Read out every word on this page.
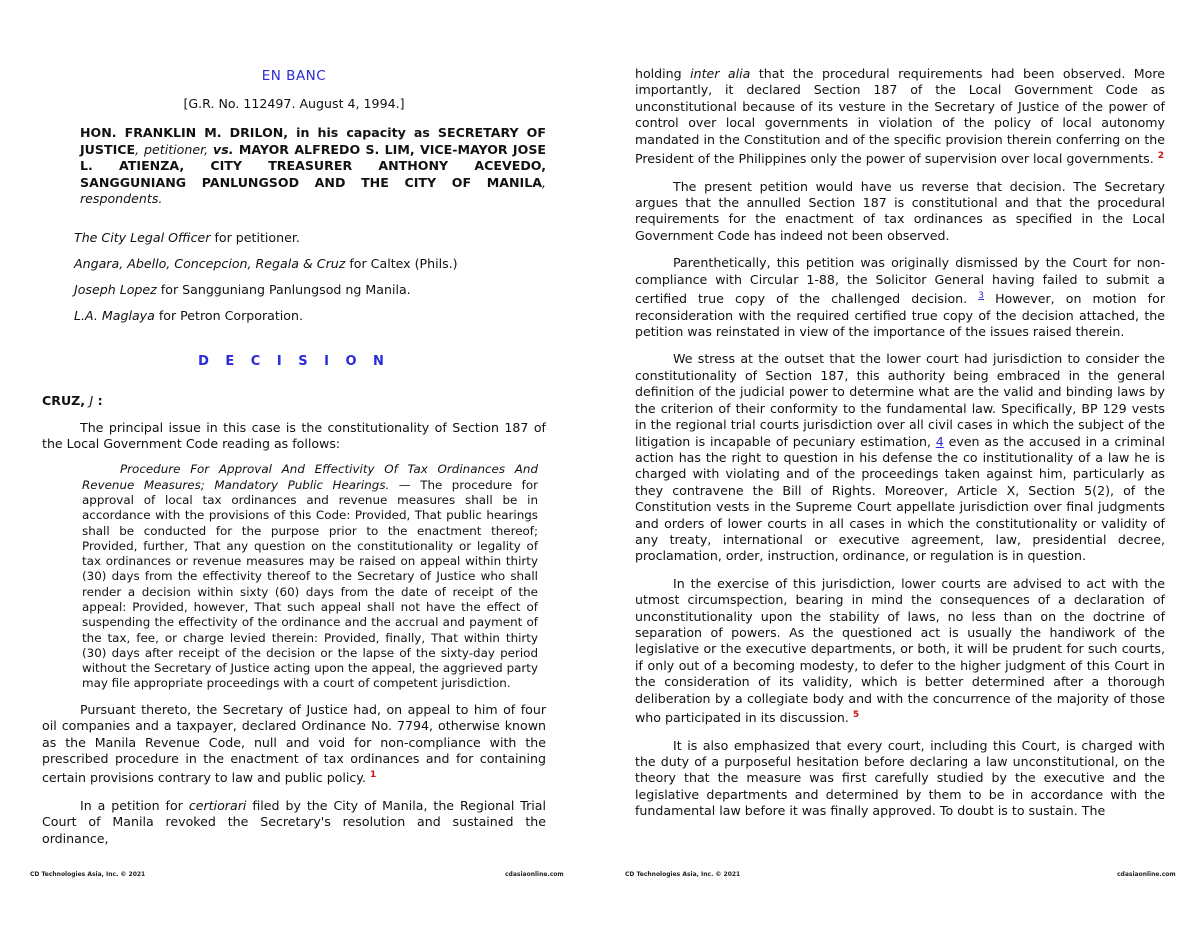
EN BANC

[G.R. No. 112497. August 4, 1994.]

HON. FRANKLIN M. DRILON, in his capacity as SECRETARY OF JUSTICE, petitioner, vs. MAYOR ALFREDO S. LIM, VICE-MAYOR JOSE L. ATIENZA, CITY TREASURER ANTHONY ACEVEDO, SANGGUNIANG PANLUNGSOD AND THE CITY OF MANILA, respondents.

The City Legal Officer for petitioner.

Angara, Abello, Concepcion, Regala & Cruz for Caltex (Phils.)

Joseph Lopez for Sangguniang Panlungsod ng Manila.

L.A. Maglaya for Petron Corporation.

D E C I S I O N

CRUZ, J :

The principal issue in this case is the constitutionality of Section 187 of the Local Government Code reading as follows:

Procedure For Approval And Effectivity Of Tax Ordinances And Revenue Measures; Mandatory Public Hearings. — The procedure for approval of local tax ordinances and revenue measures shall be in accordance with the provisions of this Code: Provided, That public hearings shall be conducted for the purpose prior to the enactment thereof; Provided, further, That any question on the constitutionality or legality of tax ordinances or revenue measures may be raised on appeal within thirty (30) days from the effectivity thereof to the Secretary of Justice who shall render a decision within sixty (60) days from the date of receipt of the appeal: Provided, however, That such appeal shall not have the effect of suspending the effectivity of the ordinance and the accrual and payment of the tax, fee, or charge levied therein: Provided, finally, That within thirty (30) days after receipt of the decision or the lapse of the sixty-day period without the Secretary of Justice acting upon the appeal, the aggrieved party may file appropriate proceedings with a court of competent jurisdiction.

Pursuant thereto, the Secretary of Justice had, on appeal to him of four oil companies and a taxpayer, declared Ordinance No. 7794, otherwise known as the Manila Revenue Code, null and void for non-compliance with the prescribed procedure in the enactment of tax ordinances and for containing certain provisions contrary to law and public policy. $^1$

In a petition for certiorari filed by the City of Manila, the Regional Trial Court of Manila revoked the Secretary's resolution and sustained the ordinance,

CD Technologies Asia, Inc. © 2021	cdasiaonline.com

holding inter alia that the procedural requirements had been observed. More importantly, it declared Section 187 of the Local Government Code as unconstitutional because of its vesture in the Secretary of Justice of the power of control over local governments in violation of the policy of local autonomy mandated in the Constitution and of the specific provision therein conferring on the President of the Philippines only the power of supervision over local governments. $^2$

The present petition would have us reverse that decision. The Secretary argues that the annulled Section 187 is constitutional and that the procedural requirements for the enactment of tax ordinances as specified in the Local Government Code has indeed not been observed.

Parenthetically, this petition was originally dismissed by the Court for non-compliance with Circular 1-88, the Solicitor General having failed to submit a certified true copy of the challenged decision. $^3$ However, on motion for reconsideration with the required certified true copy of the decision attached, the petition was reinstated in view of the importance of the issues raised therein.

We stress at the outset that the lower court had jurisdiction to consider the constitutionality of Section 187, this authority being embraced in the general definition of the judicial power to determine what are the valid and binding laws by the criterion of their conformity to the fundamental law. Specifically, BP 129 vests in the regional trial courts jurisdiction over all civil cases in which the subject of the litigation is incapable of pecuniary estimation, 4 even as the accused in a criminal action has the right to question in his defense the co institutionality of a law he is charged with violating and of the proceedings taken against him, particularly as they contravene the Bill of Rights. Moreover, Article X, Section 5(2), of the Constitution vests in the Supreme Court appellate jurisdiction over final judgments and orders of lower courts in all cases in which the constitutionality or validity of any treaty, international or executive agreement, law, presidential decree, proclamation, order, instruction, ordinance, or regulation is in question.

In the exercise of this jurisdiction, lower courts are advised to act with the utmost circumspection, bearing in mind the consequences of a declaration of unconstitutionality upon the stability of laws, no less than on the doctrine of separation of powers. As the questioned act is usually the handiwork of the legislative or the executive departments, or both, it will be prudent for such courts, if only out of a becoming modesty, to defer to the higher judgment of this Court in the consideration of its validity, which is better determined after a thorough deliberation by a collegiate body and with the concurrence of the majority of those who participated in its discussion. $^5$

It is also emphasized that every court, including this Court, is charged with the duty of a purposeful hesitation before declaring a law unconstitutional, on the theory that the measure was first carefully studied by the executive and the legislative departments and determined by them to be in accordance with the fundamental law before it was finally approved. To doubt is to sustain. The

CD Technologies Asia, Inc. © 2021	cdasiaonline.com
